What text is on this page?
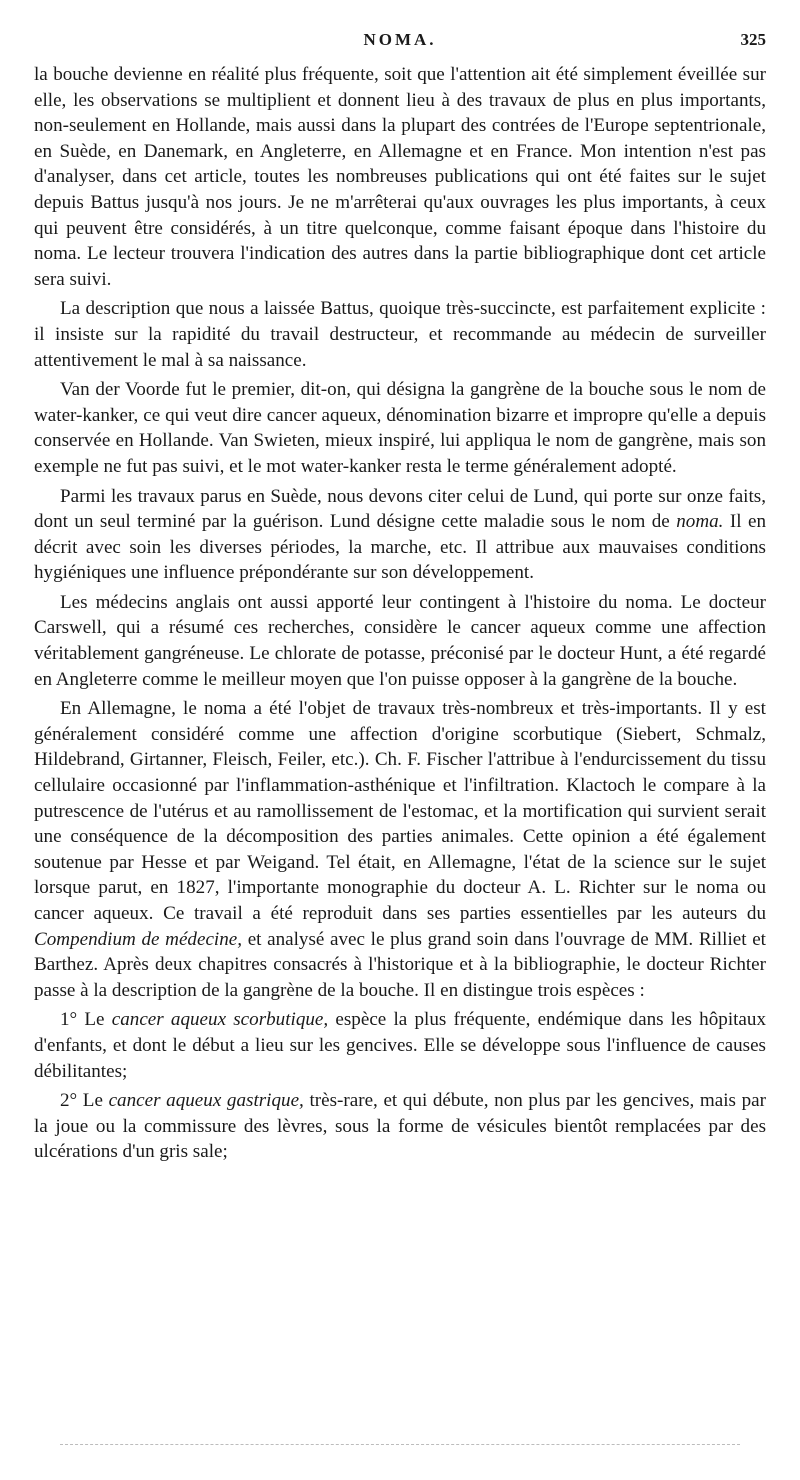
NOMA.	325

la bouche devienne en réalité plus fréquente, soit que l'attention ait été simplement éveillée sur elle, les observations se multiplient et donnent lieu à des travaux de plus en plus importants, non-seulement en Hollande, mais aussi dans la plupart des contrées de l'Europe septentrionale, en Suède, en Danemark, en Angleterre, en Allemagne et en France. Mon intention n'est pas d'analyser, dans cet article, toutes les nombreuses publications qui ont été faites sur le sujet depuis Battus jusqu'à nos jours. Je ne m'arrêterai qu'aux ouvrages les plus importants, à ceux qui peuvent être considérés, à un titre quelconque, comme faisant époque dans l'histoire du noma. Le lecteur trouvera l'indication des autres dans la partie bibliographique dont cet article sera suivi.

La description que nous a laissée Battus, quoique très-succincte, est parfaitement explicite : il insiste sur la rapidité du travail destructeur, et recommande au médecin de surveiller attentivement le mal à sa naissance.

Van der Voorde fut le premier, dit-on, qui désigna la gangrène de la bouche sous le nom de water-kanker, ce qui veut dire cancer aqueux, dénomination bizarre et impropre qu'elle a depuis conservée en Hollande. Van Swieten, mieux inspiré, lui appliqua le nom de gangrène, mais son exemple ne fut pas suivi, et le mot water-kanker resta le terme généralement adopté.

Parmi les travaux parus en Suède, nous devons citer celui de Lund, qui porte sur onze faits, dont un seul terminé par la guérison. Lund désigne cette maladie sous le nom de noma. Il en décrit avec soin les diverses périodes, la marche, etc. Il attribue aux mauvaises conditions hygiéniques une influence prépondérante sur son développement.

Les médecins anglais ont aussi apporté leur contingent à l'histoire du noma. Le docteur Carswell, qui a résumé ces recherches, considère le cancer aqueux comme une affection véritablement gangréneuse. Le chlorate de potasse, préconisé par le docteur Hunt, a été regardé en Angleterre comme le meilleur moyen que l'on puisse opposer à la gangrène de la bouche.

En Allemagne, le noma a été l'objet de travaux très-nombreux et très-importants. Il y est généralement considéré comme une affection d'origine scorbutique (Siebert, Schmalz, Hildebrand, Girtanner, Fleisch, Feiler, etc.). Ch. F. Fischer l'attribue à l'endurcissement du tissu cellulaire occasionné par l'inflammation-asthénique et l'infiltration. Klactoch le compare à la putrescence de l'utérus et au ramollissement de l'estomac, et la mortification qui survient serait une conséquence de la décomposition des parties animales. Cette opinion a été également soutenue par Hesse et par Weigand. Tel était, en Allemagne, l'état de la science sur le sujet lorsque parut, en 1827, l'importante monographie du docteur A. L. Richter sur le noma ou cancer aqueux. Ce travail a été reproduit dans ses parties essentielles par les auteurs du Compendium de médecine, et analysé avec le plus grand soin dans l'ouvrage de MM. Rilliet et Barthez. Après deux chapitres consacrés à l'historique et à la bibliographie, le docteur Richter passe à la description de la gangrène de la bouche. Il en distingue trois espèces :

1° Le cancer aqueux scorbutique, espèce la plus fréquente, endémique dans les hôpitaux d'enfants, et dont le début a lieu sur les gencives. Elle se développe sous l'influence de causes débilitantes;

2° Le cancer aqueux gastrique, très-rare, et qui débute, non plus par les gencives, mais par la joue ou la commissure des lèvres, sous la forme de vésicules bientôt remplacées par des ulcérations d'un gris sale;
